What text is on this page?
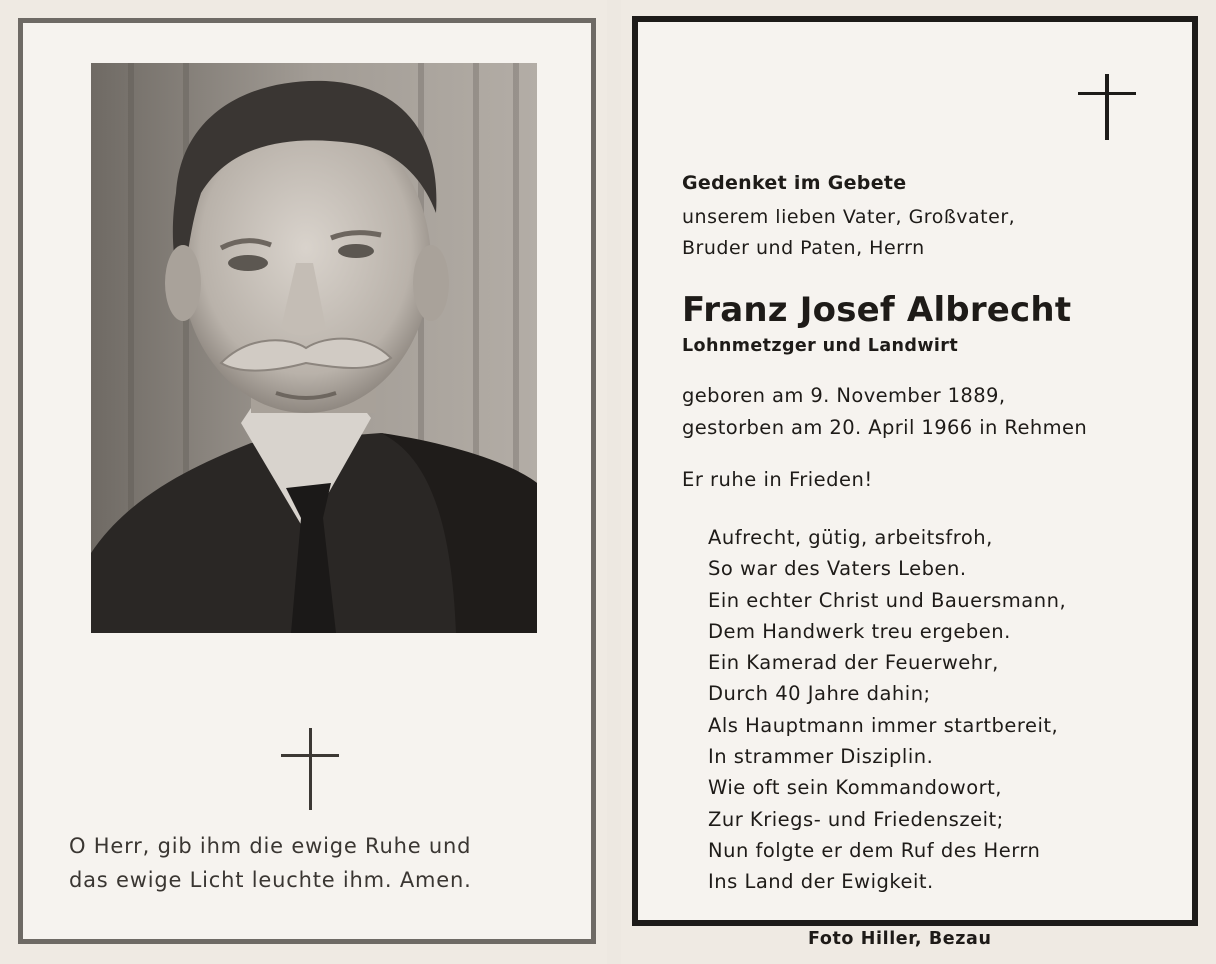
O Herr, gib ihm die ewige Ruhe und
das ewige Licht leuchte ihm. Amen.

Gedenket im Gebete

unserem lieben Vater, Großvater,
Bruder und Paten, Herrn

Franz Josef Albrecht

Lohnmetzger und Landwirt

geboren am 9. November 1889,
gestorben am 20. April 1966 in Rehmen

Er ruhe in Frieden!

Aufrecht, gütig, arbeitsfroh,
So war des Vaters Leben.
Ein echter Christ und Bauersmann,
Dem Handwerk treu ergeben.
Ein Kamerad der Feuerwehr,
Durch 40 Jahre dahin;
Als Hauptmann immer startbereit,
In strammer Disziplin.
Wie oft sein Kommandowort,
Zur Kriegs- und Friedenszeit;
Nun folgte er dem Ruf des Herrn
Ins Land der Ewigkeit.

Foto Hiller, Bezau
